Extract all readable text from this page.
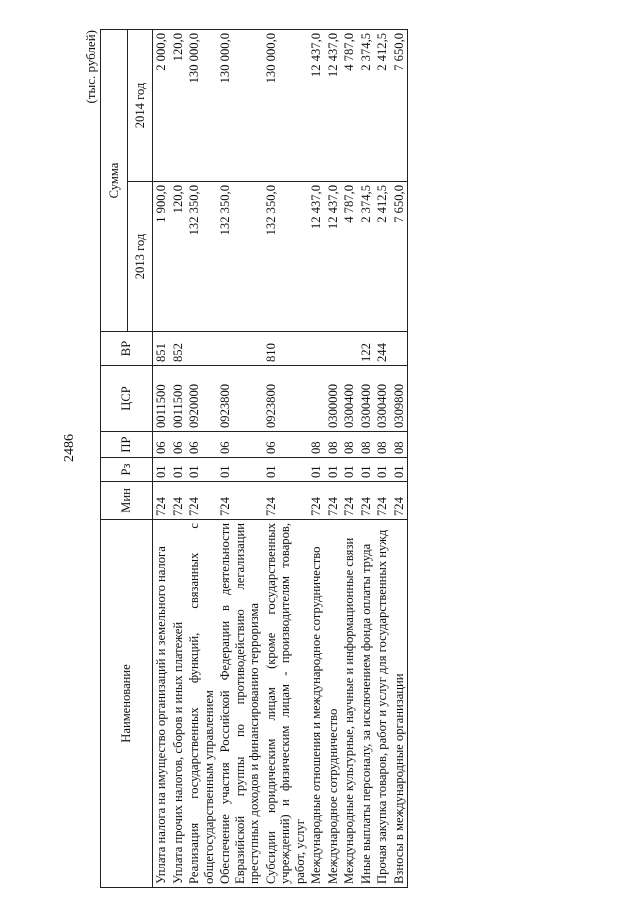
2486
(тыс. рублей)
Наименование	Мин	Рз	ПР	ЦСР	ВР	Сумма	
						2013 год	2014 год
Уплата налога на имущество организаций и земельного налога	724	01	06	0011500	851	1 900,0	2 000,0
Уплата прочих налогов, сборов и иных платежей	724	01	06	0011500	852	120,0	120,0
Реализация государственных функций, связанных с общегосударственным управлением	724	01	06	0920000		132 350,0	130 000,0
Обеспечение участия Российской Федерации в деятельности Евразийской группы по противодействию легализации преступных доходов и финансированию терроризма	724	01	06	0923800		132 350,0	130 000,0
Субсидии юридическим лицам (кроме государственных учреждений) и физическим лицам - производителям товаров, работ, услуг	724	01	06	0923800	810	132 350,0	130 000,0
Международные отношения и международное сотрудничество	724	01	08			12 437,0	12 437,0
Международное сотрудничество	724	01	08	0300000		12 437,0	12 437,0
Международные культурные, научные и информационные связи	724	01	08	0300400		4 787,0	4 787,0
Иные выплаты персоналу, за исключением фонда оплаты труда	724	01	08	0300400	122	2 374,5	2 374,5
Прочая закупка товаров, работ и услуг для государственных нужд	724	01	08	0300400	244	2 412,5	2 412,5
Взносы в международные организации	724	01	08	0309800		7 650,0	7 650,0
